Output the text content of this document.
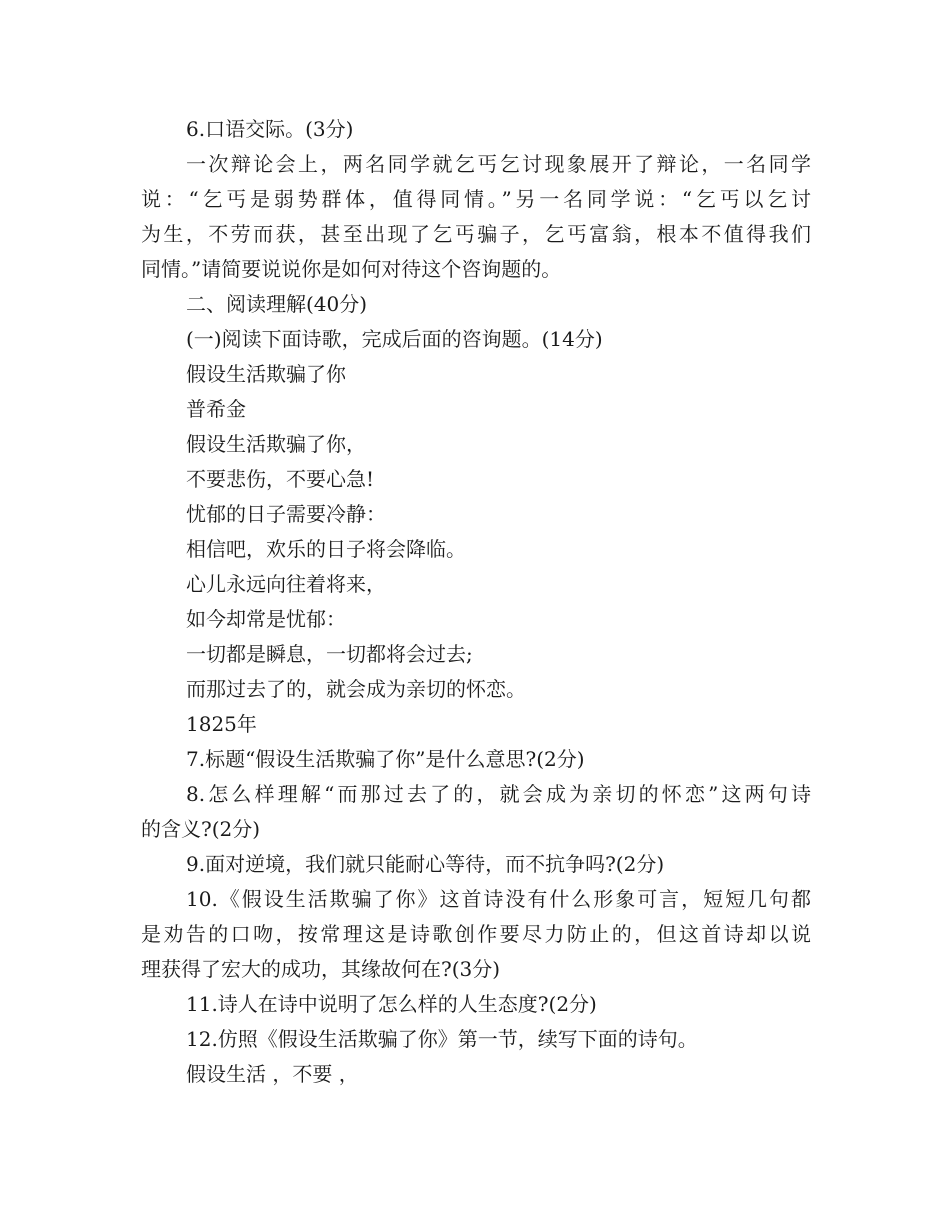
6.口语交际。(3分)

一次辩论会上，两名同学就乞丐乞讨现象展开了辩论，一名同学

说：“乞丐是弱势群体，值得同情。”另一名同学说：“乞丐以乞讨

为生，不劳而获，甚至出现了乞丐骗子，乞丐富翁，根本不值得我们

同情。”请简要说说你是如何对待这个咨询题的。

二、阅读理解(40分)

(一)阅读下面诗歌，完成后面的咨询题。(14分)

假设生活欺骗了你

普希金

假设生活欺骗了你，

不要悲伤，不要心急!

忧郁的日子需要冷静：

相信吧，欢乐的日子将会降临。

心儿永远向往着将来，

如今却常是忧郁：

一切都是瞬息，一切都将会过去;

而那过去了的，就会成为亲切的怀恋。

1825年

7.标题“假设生活欺骗了你”是什么意思?(2分)

8.怎么样理解“而那过去了的，就会成为亲切的怀恋”这两句诗

的含义?(2分)

9.面对逆境，我们就只能耐心等待，而不抗争吗?(2分)

10.《假设生活欺骗了你》这首诗没有什么形象可言，短短几句都

是劝告的口吻，按常理这是诗歌创作要尽力防止的，但这首诗却以说

理获得了宏大的成功，其缘故何在?(3分)

11.诗人在诗中说明了怎么样的人生态度?(2分)

12.仿照《假设生活欺骗了你》第一节，续写下面的诗句。

假设生活 ，不要 ，
